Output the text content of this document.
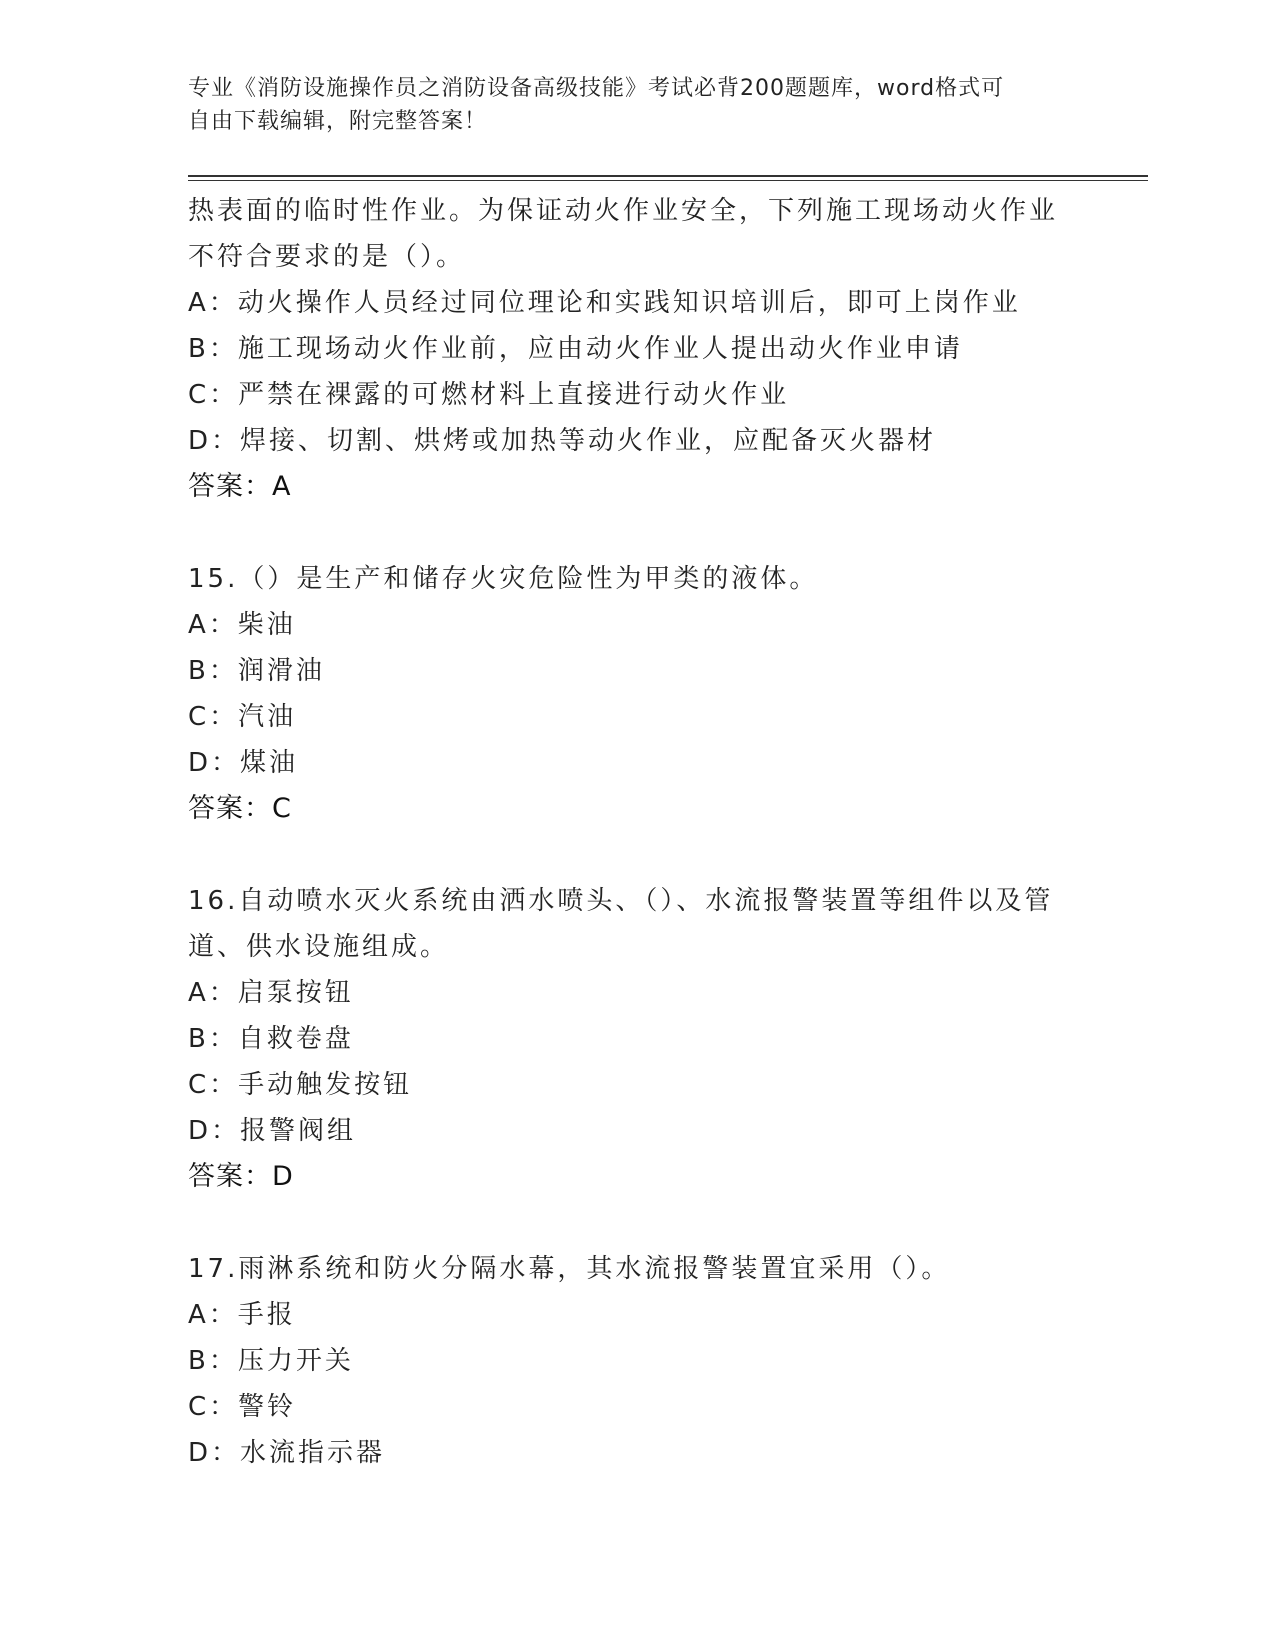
专业《消防设施操作员之消防设备高级技能》考试必背200题题库，word格式可
自由下载编辑，附完整答案！
热表面的临时性作业。为保证动火作业安全，下列施工现场动火作业
不符合要求的是（）。
A：动火操作人员经过同位理论和实践知识培训后，即可上岗作业
B：施工现场动火作业前，应由动火作业人提出动火作业申请
C：严禁在裸露的可燃材料上直接进行动火作业
D：焊接、切割、烘烤或加热等动火作业，应配备灭火器材
答案：A
15.（）是生产和储存火灾危险性为甲类的液体。
A：柴油
B：润滑油
C：汽油
D：煤油
答案：C
16.自动喷水灭火系统由洒水喷头、（）、水流报警装置等组件以及管
道、供水设施组成。
A：启泵按钮
B：自救卷盘
C：手动触发按钮
D：报警阀组
答案：D
17.雨淋系统和防火分隔水幕，其水流报警装置宜采用（）。
A：手报
B：压力开关
C：警铃
D：水流指示器
